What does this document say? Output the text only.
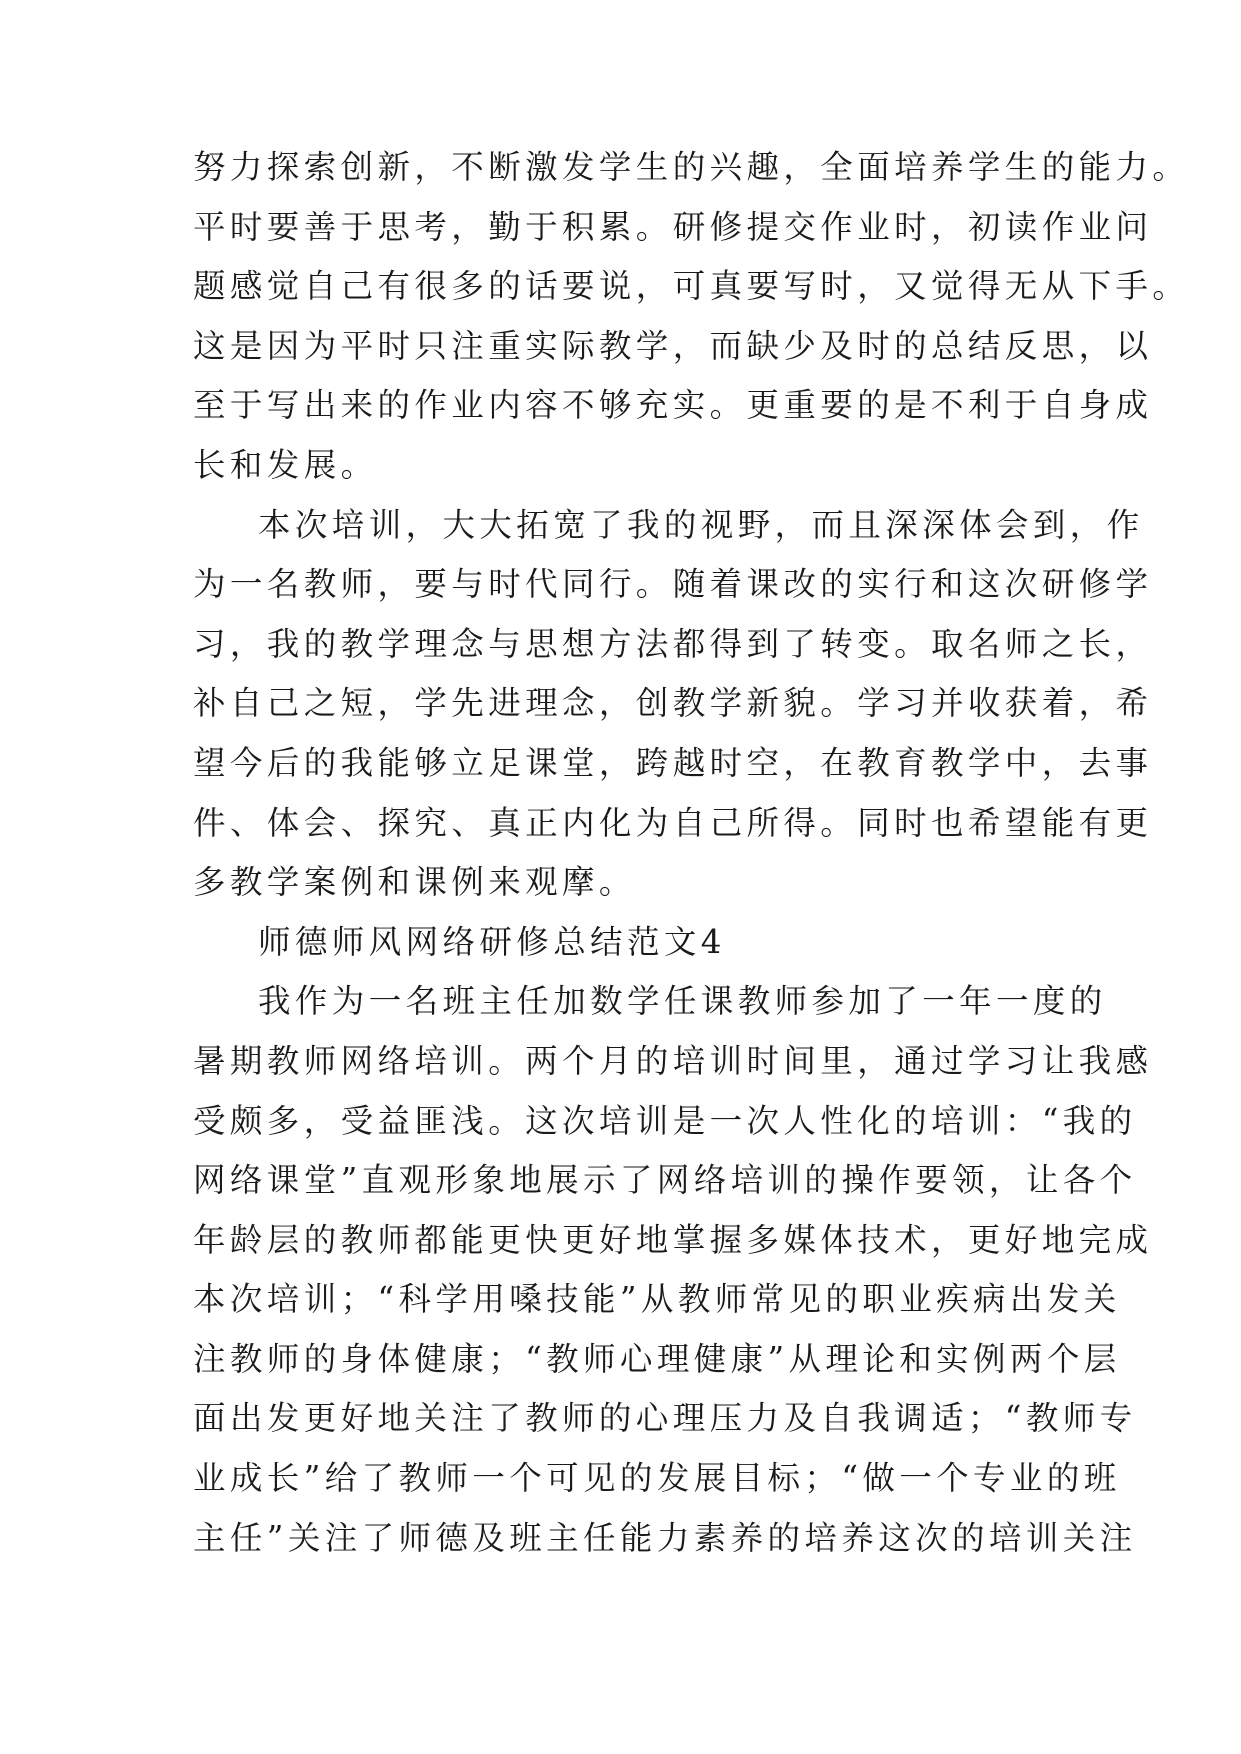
努力探索创新，不断激发学生的兴趣，全面培养学生的能力。
平时要善于思考，勤于积累。研修提交作业时，初读作业问
题感觉自己有很多的话要说，可真要写时，又觉得无从下手。
这是因为平时只注重实际教学，而缺少及时的总结反思，以
至于写出来的作业内容不够充实。更重要的是不利于自身成
长和发展。
本次培训，大大拓宽了我的视野，而且深深体会到，作
为一名教师，要与时代同行。随着课改的实行和这次研修学
习，我的教学理念与思想方法都得到了转变。取名师之长，
补自己之短，学先进理念，创教学新貌。学习并收获着，希
望今后的我能够立足课堂，跨越时空，在教育教学中，去事
件、体会、探究、真正内化为自己所得。同时也希望能有更
多教学案例和课例来观摩。
师德师风网络研修总结范文4
我作为一名班主任加数学任课教师参加了一年一度的
暑期教师网络培训。两个月的培训时间里，通过学习让我感
受颇多，受益匪浅。这次培训是一次人性化的培训：“我的
网络课堂”直观形象地展示了网络培训的操作要领，让各个
年龄层的教师都能更快更好地掌握多媒体技术，更好地完成
本次培训；“科学用嗓技能”从教师常见的职业疾病出发关
注教师的身体健康；“教师心理健康”从理论和实例两个层
面出发更好地关注了教师的心理压力及自我调适；“教师专
业成长”给了教师一个可见的发展目标；“做一个专业的班
主任”关注了师德及班主任能力素养的培养这次的培训关注
